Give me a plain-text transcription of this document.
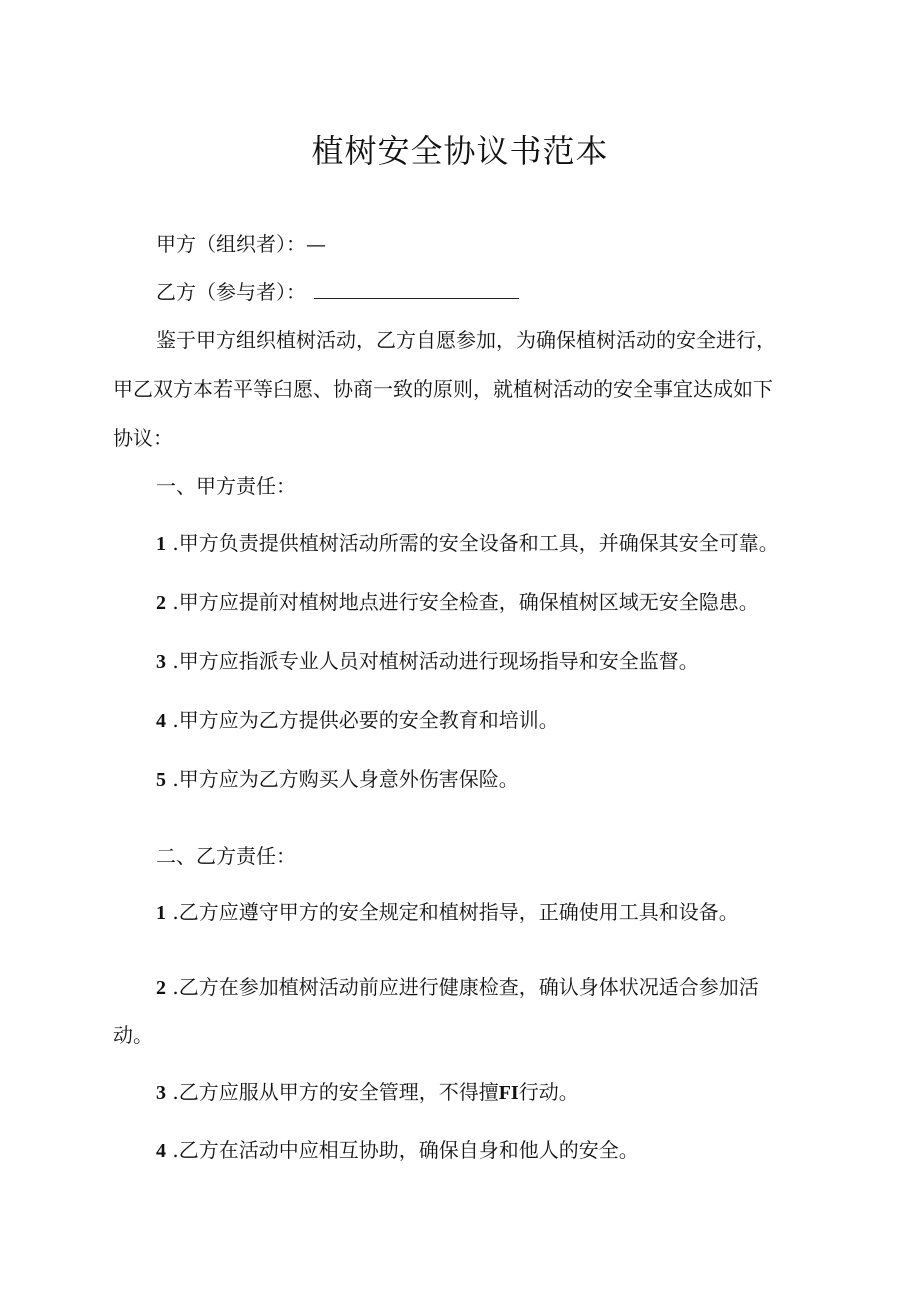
植树安全协议书范本
甲方（组织者）：—
乙方（参与者）：
鉴于甲方组织植树活动，乙方自愿参加，为确保植树活动的安全进行，
甲乙双方本若平等臼愿、协商一致的原则，就植树活动的安全事宜达成如下
协议：
一、甲方责任：
1 .甲方负责提供植树活动所需的安全设备和工具，并确保其安全可靠。
2 .甲方应提前对植树地点进行安全检查，确保植树区域无安全隐患。
3 .甲方应指派专业人员对植树活动进行现场指导和安全监督。
4 .甲方应为乙方提供必要的安全教育和培训。
5 .甲方应为乙方购买人身意外伤害保险。
二、乙方责任：
1 .乙方应遵守甲方的安全规定和植树指导，正确使用工具和设备。
2 .乙方在参加植树活动前应进行健康检查，确认身体状况适合参加活
动。
3 .乙方应服从甲方的安全管理，不得擅FI行动。
4 .乙方在活动中应相互协助，确保自身和他人的安全。
